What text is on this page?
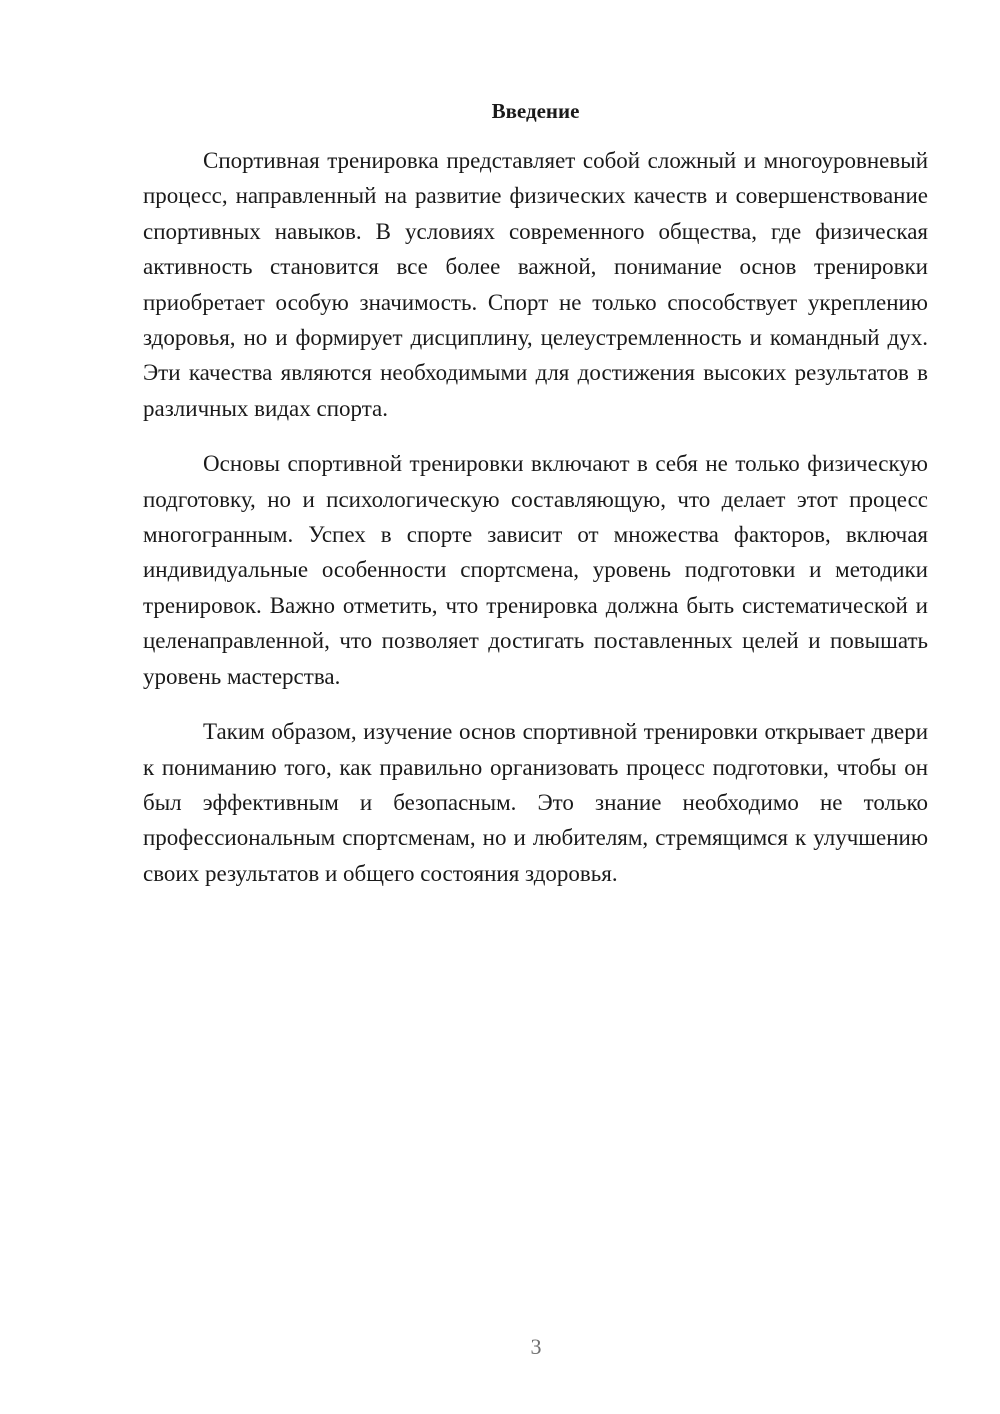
Введение

Спортивная тренировка представляет собой сложный и многоуровневый процесс, направленный на развитие физических качеств и совершенствование спортивных навыков. В условиях современного общества, где физическая активность становится все более важной, понимание основ тренировки приобретает особую значимость. Спорт не только способствует укреплению здоровья, но и формирует дисциплину, целеустремленность и командный дух. Эти качества являются необходимыми для достижения высоких результатов в различных видах спорта.

Основы спортивной тренировки включают в себя не только физическую подготовку, но и психологическую составляющую, что делает этот процесс многогранным. Успех в спорте зависит от множества факторов, включая индивидуальные особенности спортсмена, уровень подготовки и методики тренировок. Важно отметить, что тренировка должна быть систематической и целенаправленной, что позволяет достигать поставленных целей и повышать уровень мастерства.

Таким образом, изучение основ спортивной тренировки открывает двери к пониманию того, как правильно организовать процесс подготовки, чтобы он был эффективным и безопасным. Это знание необходимо не только профессиональным спортсменам, но и любителям, стремящимся к улучшению своих результатов и общего состояния здоровья.

3
